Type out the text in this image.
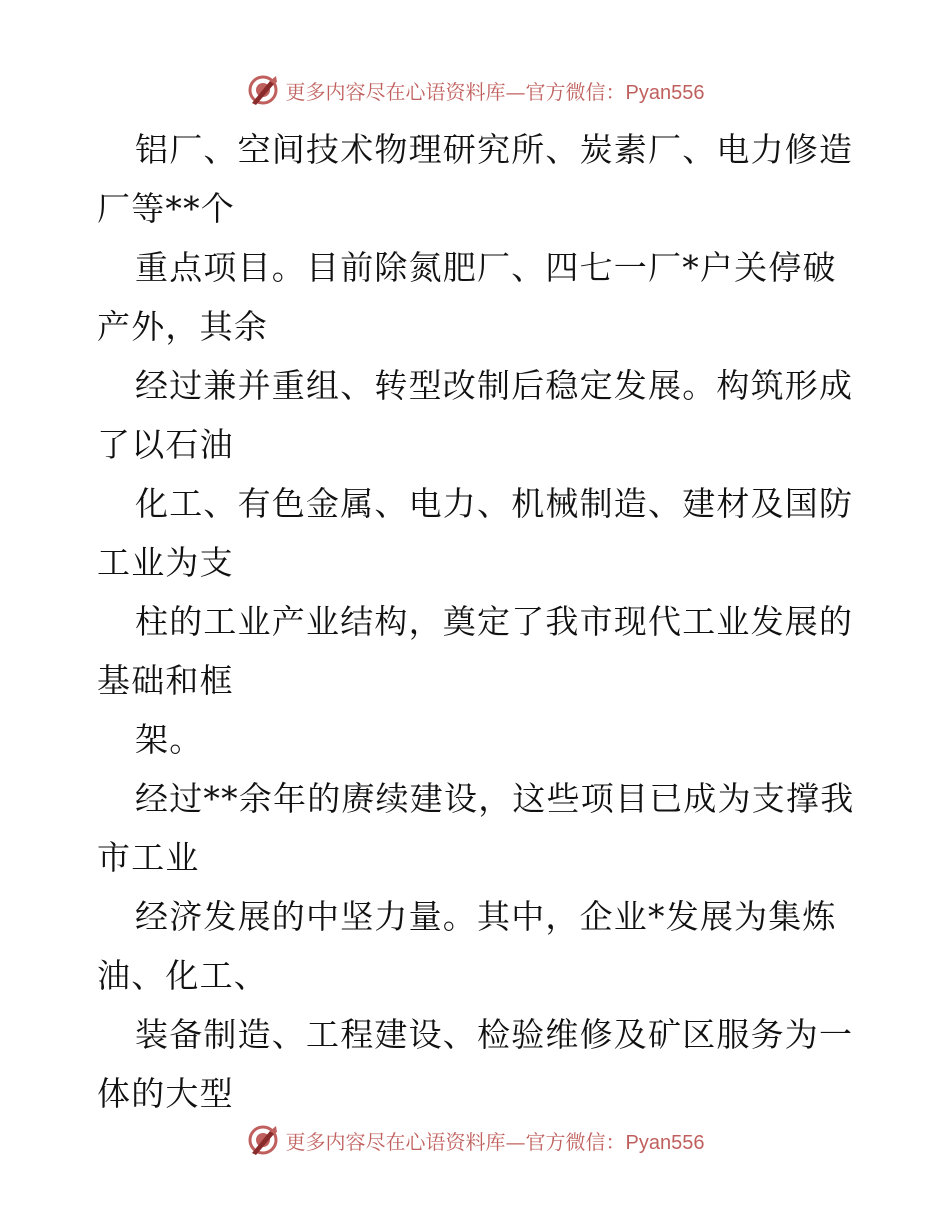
更多内容尽在心语资料库—官方微信：Pyan556

铝厂、空间技术物理研究所、炭素厂、电力修造厂等**个

重点项目。目前除氮肥厂、四七一厂*户关停破产外，其余

经过兼并重组、转型改制后稳定发展。构筑形成了以石油

化工、有色金属、电力、机械制造、建材及国防工业为支

柱的工业产业结构，奠定了我市现代工业发展的基础和框

架。

经过**余年的赓续建设，这些项目已成为支撑我市工业

经济发展的中坚力量。其中，企业*发展为集炼油、化工、

装备制造、工程建设、检验维修及矿区服务为一体的大型

更多内容尽在心语资料库—官方微信：Pyan556
